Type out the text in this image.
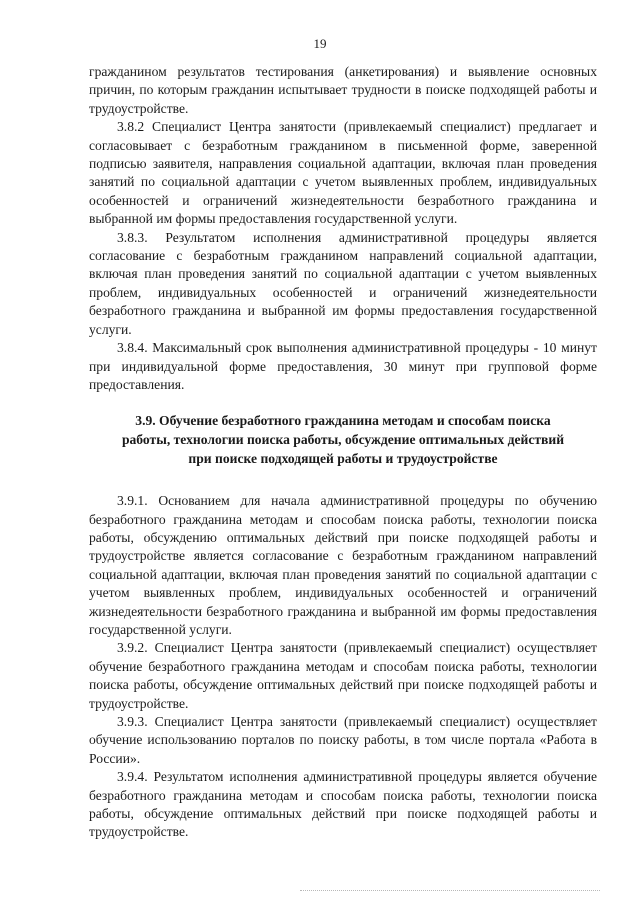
19

гражданином результатов тестирования (анкетирования) и выявление основных причин, по которым гражданин испытывает трудности в поиске подходящей работы и трудоустройстве.

3.8.2 Специалист Центра занятости (привлекаемый специалист) предлагает и согласовывает с безработным гражданином в письменной форме, заверенной подписью заявителя, направления социальной адаптации, включая план проведения занятий по социальной адаптации с учетом выявленных проблем, индивидуальных особенностей и ограничений жизнедеятельности безработного гражданина и выбранной им формы предоставления государственной услуги.

3.8.3. Результатом исполнения административной процедуры является согласование с безработным гражданином направлений социальной адаптации, включая план проведения занятий по социальной адаптации с учетом выявленных проблем, индивидуальных особенностей и ограничений жизнедеятельности безработного гражданина и выбранной им формы предоставления государственной услуги.

3.8.4. Максимальный срок выполнения административной процедуры - 10 минут при индивидуальной форме предоставления, 30 минут при групповой форме предоставления.

3.9. Обучение безработного гражданина методам и способам поиска
работы, технологии поиска работы, обсуждение оптимальных действий
при поиске подходящей работы и трудоустройстве

3.9.1. Основанием для начала административной процедуры по обучению безработного гражданина методам и способам поиска работы, технологии поиска работы, обсуждению оптимальных действий при поиске подходящей работы и трудоустройстве является согласование с безработным гражданином направлений социальной адаптации, включая план проведения занятий по социальной адаптации с учетом выявленных проблем, индивидуальных особенностей и ограничений жизнедеятельности безработного гражданина и выбранной им формы предоставления государственной услуги.

3.9.2. Специалист Центра занятости (привлекаемый специалист) осуществляет обучение безработного гражданина методам и способам поиска работы, технологии поиска работы, обсуждение оптимальных действий при поиске подходящей работы и трудоустройстве.

3.9.3. Специалист Центра занятости (привлекаемый специалист) осуществляет обучение использованию порталов по поиску работы, в том числе портала «Работа в России».

3.9.4. Результатом исполнения административной процедуры является обучение безработного гражданина методам и способам поиска работы, технологии поиска работы, обсуждение оптимальных действий при поиске подходящей работы и трудоустройстве.
